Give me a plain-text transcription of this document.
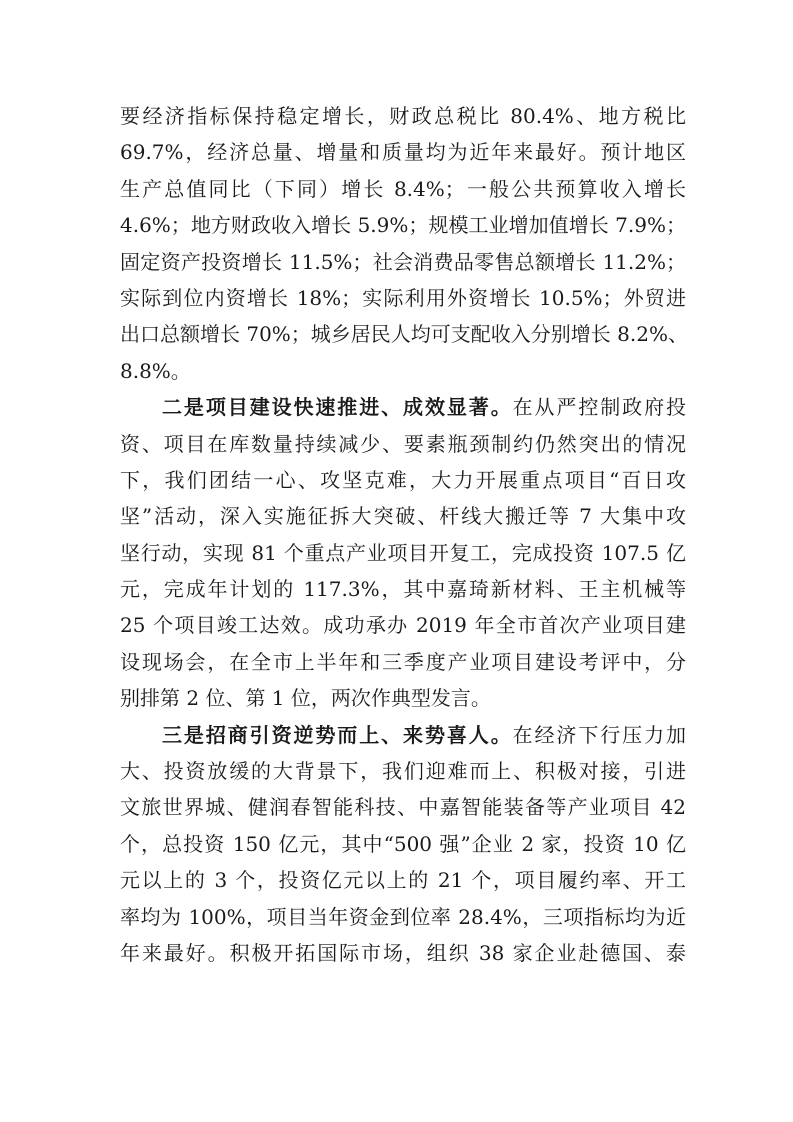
要经济指标保持稳定增长，财政总税比 80.4%、地方税比
69.7%，经济总量、增量和质量均为近年来最好。预计地区
生产总值同比（下同）增长 8.4%；一般公共预算收入增长
4.6%；地方财政收入增长 5.9%；规模工业增加值增长 7.9%；
固定资产投资增长 11.5%；社会消费品零售总额增长 11.2%；
实际到位内资增长 18%；实际利用外资增长 10.5%；外贸进
出口总额增长 70%；城乡居民人均可支配收入分别增长 8.2%、
8.8%。
二是项目建设快速推进、成效显著。在从严控制政府投
资、项目在库数量持续减少、要素瓶颈制约仍然突出的情况
下，我们团结一心、攻坚克难，大力开展重点项目“百日攻
坚”活动，深入实施征拆大突破、杆线大搬迁等 7 大集中攻
坚行动，实现 81 个重点产业项目开复工，完成投资 107.5 亿
元，完成年计划的 117.3%，其中嘉琦新材料、王主机械等
25 个项目竣工达效。成功承办 2019 年全市首次产业项目建
设现场会，在全市上半年和三季度产业项目建设考评中，分
别排第 2 位、第 1 位，两次作典型发言。
三是招商引资逆势而上、来势喜人。在经济下行压力加
大、投资放缓的大背景下，我们迎难而上、积极对接，引进
文旅世界城、健润春智能科技、中嘉智能装备等产业项目 42
个，总投资 150 亿元，其中“500 强”企业 2 家，投资 10 亿
元以上的 3 个，投资亿元以上的 21 个，项目履约率、开工
率均为 100%，项目当年资金到位率 28.4%，三项指标均为近
年来最好。积极开拓国际市场，组织 38 家企业赴德国、泰
